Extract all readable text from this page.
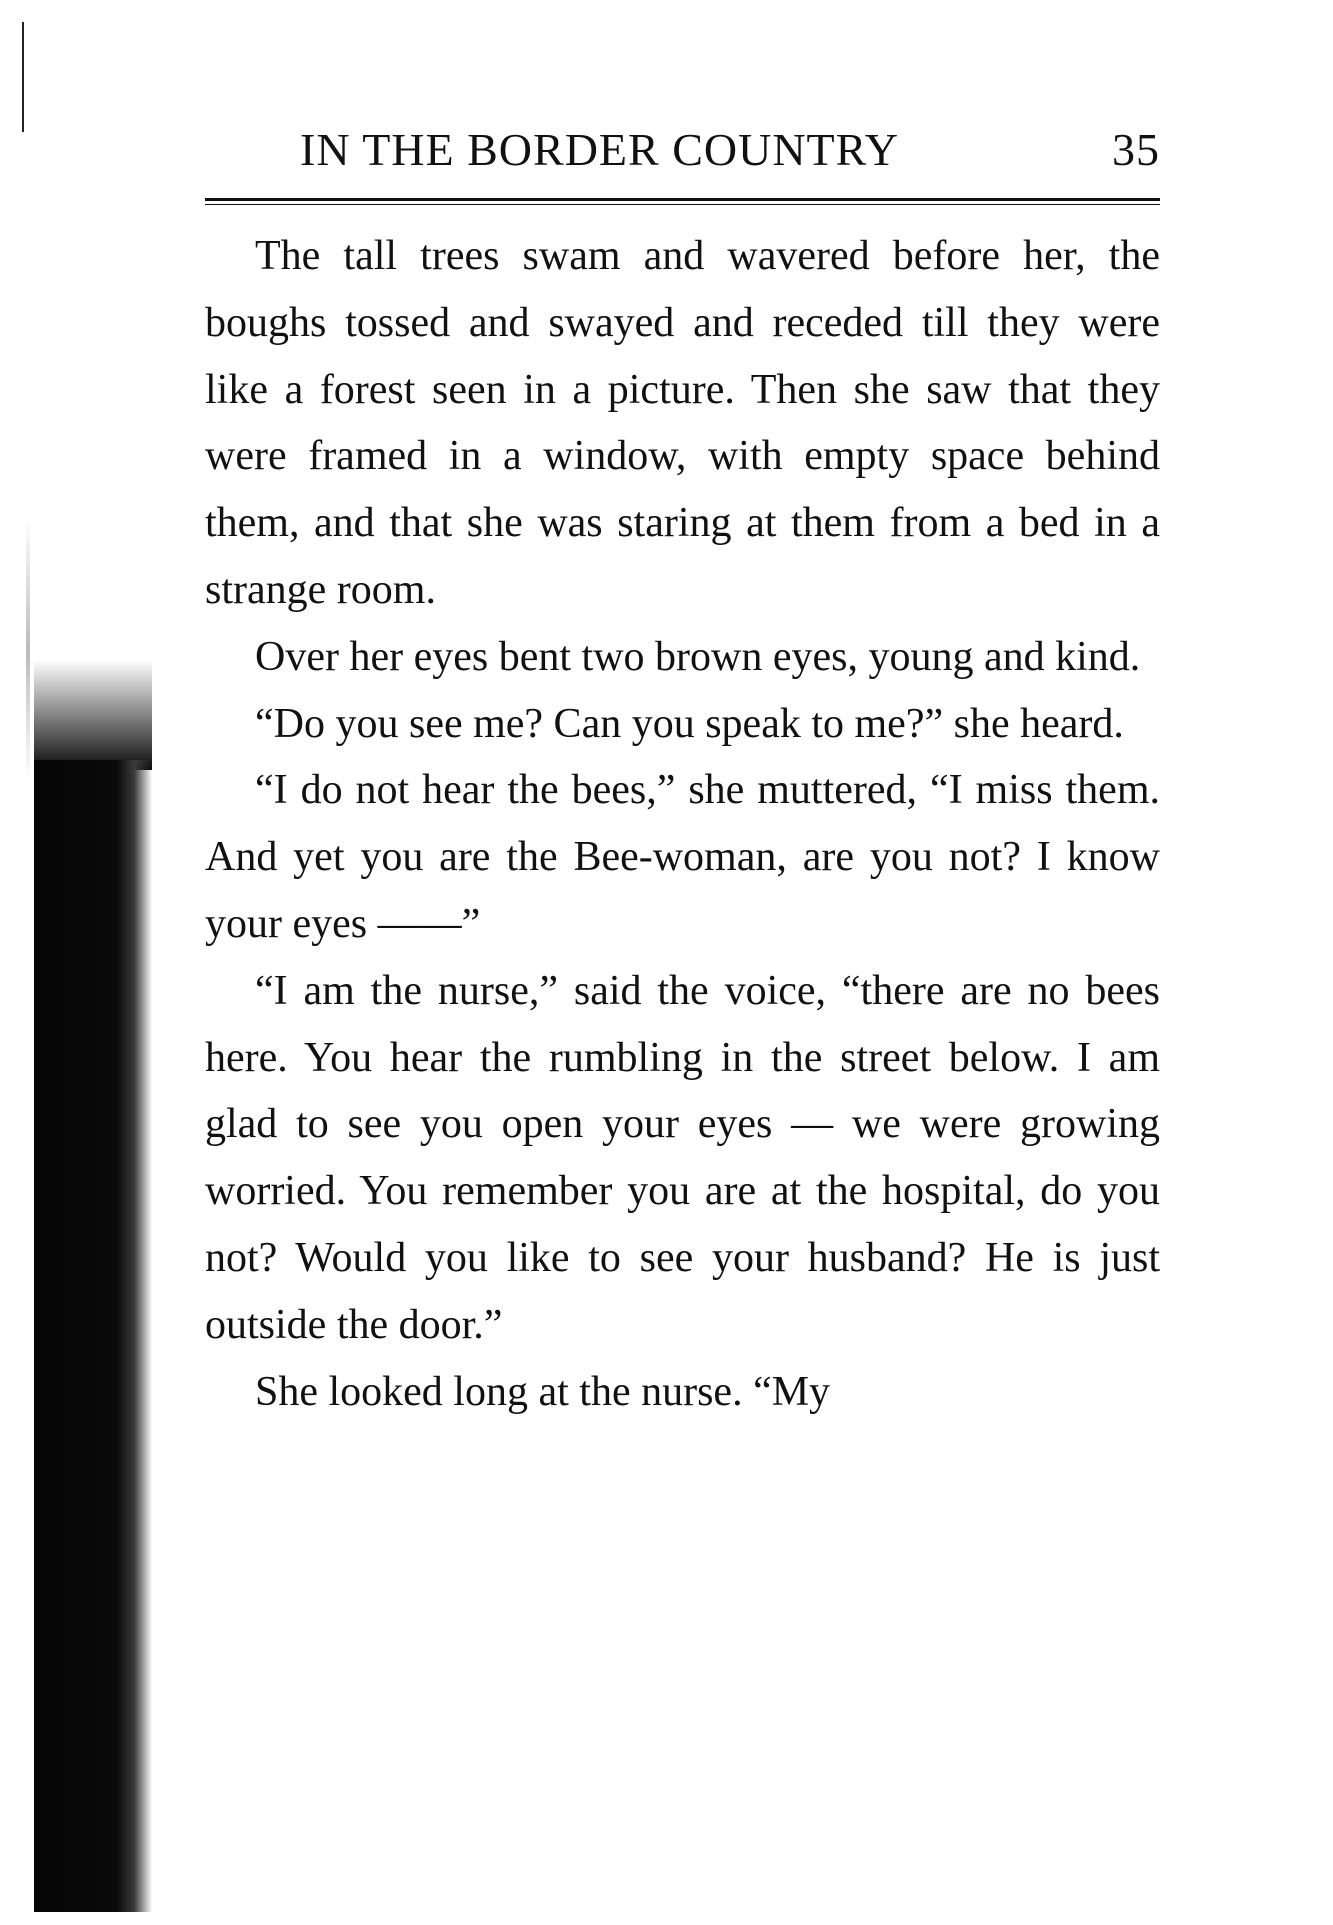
IN THE BORDER COUNTRY	35

The tall trees swam and wavered before her, the boughs tossed and swayed and receded till they were like a forest seen in a picture. Then she saw that they were framed in a window, with empty space behind them, and that she was staring at them from a bed in a strange room.

Over her eyes bent two brown eyes, young and kind.

“Do you see me? Can you speak to me?” she heard.

“I do not hear the bees,” she muttered, “I miss them. And yet you are the Bee-woman, are you not? I know your eyes ——”

“I am the nurse,” said the voice, “there are no bees here. You hear the rumbling in the street below. I am glad to see you open your eyes — we were growing worried. You remember you are at the hospital, do you not? Would you like to see your husband? He is just outside the door.”

She looked long at the nurse. “My
